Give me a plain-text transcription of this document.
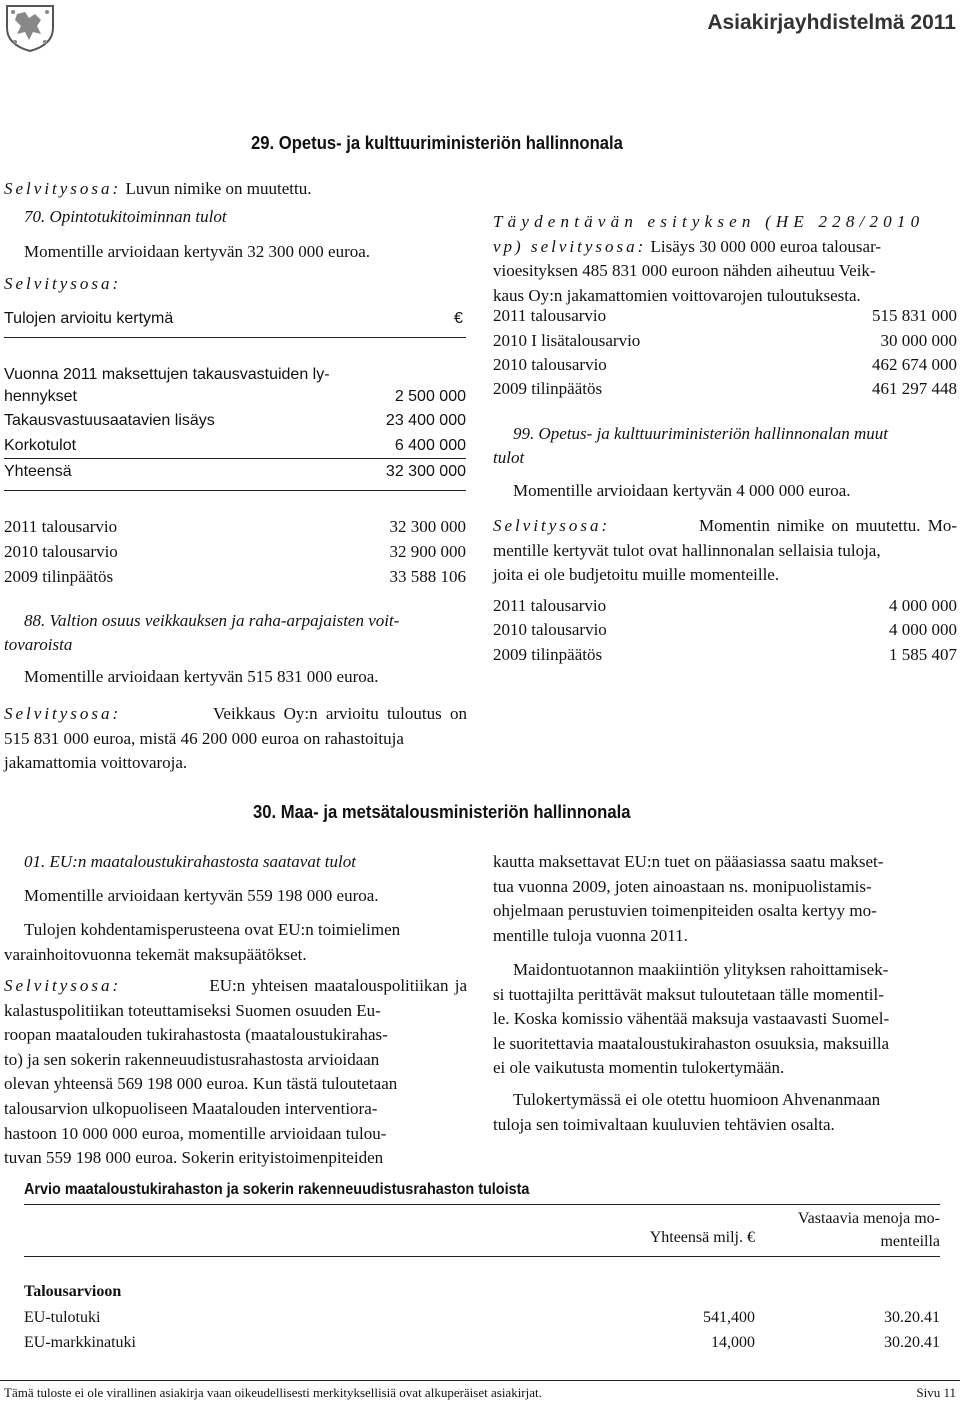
Asiakirjayhdistelmä 2011
29. Opetus- ja kulttuuriministeriön hallinnonala
Selvitysosa: Luvun nimike on muutettu.
70. Opintotukitoiminnan tulot
Momentille arvioidaan kertyvän 32 300 000 euroa.
Selvitysosa:
Tulojen arvioitu kertymä	€
Vuonna 2011 maksettujen takausvastuiden ly-
hennykset	2 500 000
Takausvastuusaatavien lisäys	23 400 000
Korkotulot	6 400 000
Yhteensä	32 300 000
2011 talousarvio	32 300 000
2010 talousarvio	32 900 000
2009 tilinpäätös	33 588 106
88. Valtion osuus veikkauksen ja raha-arpajaisten voit-
tovaroista
Momentille arvioidaan kertyvän 515 831 000 euroa.
Selvitysosa:	Veikkaus Oy:n arvioitu tuloutus on
515 831 000 euroa, mistä 46 200 000 euroa on rahastoituja
jakamattomia voittovaroja.
Täydentävän esityksen (HE 228/2010
vp) selvitysosa: Lisäys 30 000 000 euroa talousar-
vioesityksen 485 831 000 euroon nähden aiheutuu Veik-
kaus Oy:n jakamattomien voittovarojen tuloutuksesta.
2011 talousarvio	515 831 000
2010 I lisätalousarvio	30 000 000
2010 talousarvio	462 674 000
2009 tilinpäätös	461 297 448
99. Opetus- ja kulttuuriministeriön hallinnonalan muut
tulot
Momentille arvioidaan kertyvän 4 000 000 euroa.
Selvitysosa:	Momentin nimike on muutettu. Mo-
mentille kertyvät tulot ovat hallinnonalan sellaisia tuloja,
joita ei ole budjetoitu muille momenteille.
2011 talousarvio	4 000 000
2010 talousarvio	4 000 000
2009 tilinpäätös	1 585 407
30. Maa- ja metsätalousministeriön hallinnonala
01. EU:n maataloustukirahastosta saatavat tulot
Momentille arvioidaan kertyvän 559 198 000 euroa.
Tulojen kohdentamisperusteena ovat EU:n toimielimen
varainhoitovuonna tekemät maksupäätökset.
Selvitysosa:	EU:n yhteisen maatalouspolitiikan ja
kalastuspolitiikan toteuttamiseksi Suomen osuuden Eu-
roopan maatalouden tukirahastosta (maataloustukirahas-
to) ja sen sokerin rakenneuudistusrahastosta arvioidaan
olevan yhteensä 569 198 000 euroa. Kun tästä tuloutetaan
talousarvion ulkopuoliseen Maatalouden interventiora-
hastoon 10 000 000 euroa, momentille arvioidaan tulou-
tuvan 559 198 000 euroa. Sokerin erityistoimenpiteiden
kautta maksettavat EU:n tuet on pääasiassa saatu makset-
tua vuonna 2009, joten ainoastaan ns. monipuolistamis-
ohjelmaan perustuvien toimenpiteiden osalta kertyy mo-
mentille tuloja vuonna 2011.
Maidontuotannon maakiintiön ylityksen rahoittamisek-
si tuottajilta perittävät maksut tuloutetaan tälle momentil-
le. Koska komissio vähentää maksuja vastaavasti Suomel-
le suoritettavia maataloustukirahaston osuuksia, maksuilla
ei ole vaikutusta momentin tulokertymään.
Tulokertymässä ei ole otettu huomioon Ahvenanmaan
tuloja sen toimivaltaan kuuluvien tehtävien osalta.
Arvio maataloustukirahaston ja sokerin rakenneuudistusrahaston tuloista
Yhteensä milj. €
Vastaavia menoja mo-
menteilla
Talousarvioon
EU-tulotuki	541,400	30.20.41
EU-markkinatuki	14,000	30.20.41
Tämä tuloste ei ole virallinen asiakirja vaan oikeudellisesti merkityksellisiä ovat alkuperäiset asiakirjat.	Sivu 11
